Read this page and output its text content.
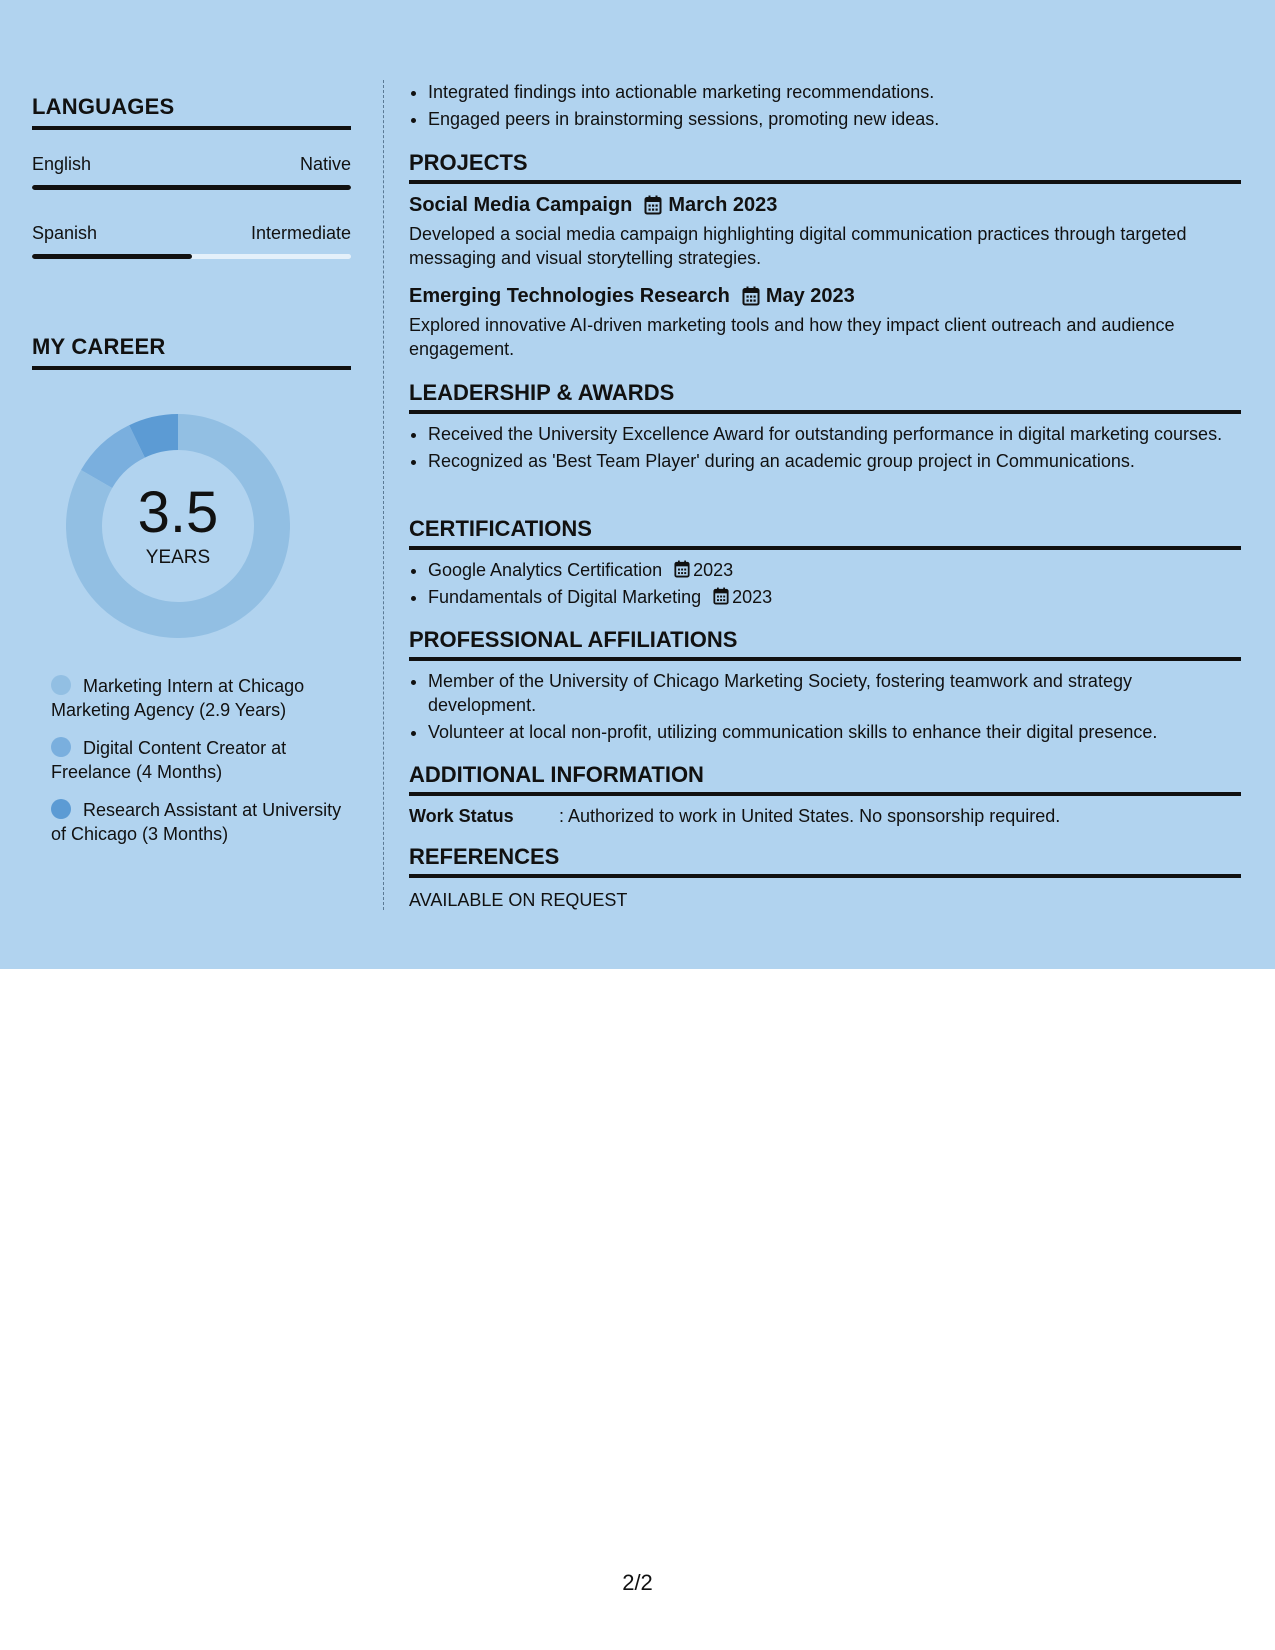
LANGUAGES
English	Native
Spanish	Intermediate
MY CAREER
3.5
YEARS
Marketing Intern at Chicago Marketing Agency (2.9 Years)
Digital Content Creator at Freelance (4 Months)
Research Assistant at University of Chicago (3 Months)
• Integrated findings into actionable marketing recommendations.
• Engaged peers in brainstorming sessions, promoting new ideas.
PROJECTS
Social Media Campaign March 2023
Developed a social media campaign highlighting digital communication practices through targeted messaging and visual storytelling strategies.
Emerging Technologies Research May 2023
Explored innovative AI-driven marketing tools and how they impact client outreach and audience engagement.
LEADERSHIP & AWARDS
• Received the University Excellence Award for outstanding performance in digital marketing courses.
• Recognized as 'Best Team Player' during an academic group project in Communications.
CERTIFICATIONS
• Google Analytics Certification 2023
• Fundamentals of Digital Marketing 2023
PROFESSIONAL AFFILIATIONS
• Member of the University of Chicago Marketing Society, fostering teamwork and strategy development.
• Volunteer at local non-profit, utilizing communication skills to enhance their digital presence.
ADDITIONAL INFORMATION
Work Status	: Authorized to work in United States. No sponsorship required.
REFERENCES
AVAILABLE ON REQUEST
2/2
